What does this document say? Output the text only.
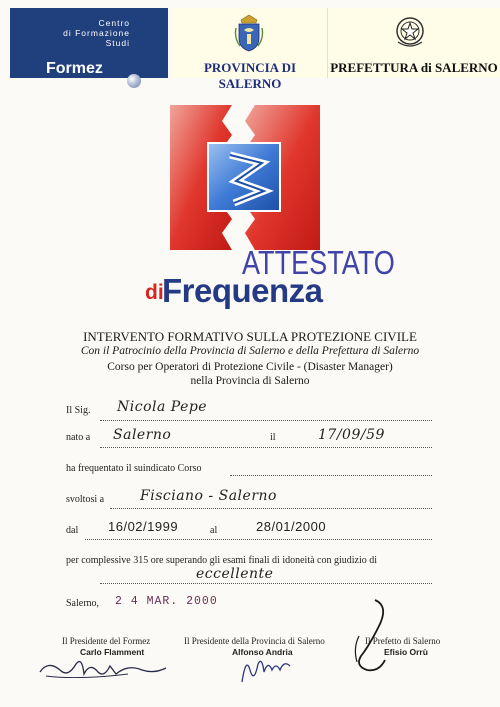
Centro
di Formazione
Studi
Formez	PROVINCIA DI SALERNO
PREFETTURA di SALERNO
ATTESTATO
di
Frequenza
INTERVENTO FORMATIVO SULLA PROTEZIONE CIVILE
Con il Patrocinio della Provincia di Salerno e della Prefettura di Salerno
Corso per Operatori di Protezione Civile - (Disaster Manager)
nella Provincia di Salerno
Il Sig. Nicola Pepe
nato a Salerno	il	17/09/59
ha frequentato il suindicato Corso
svoltosi a	Fisciano - Salerno
dal 16/02/1999	al	28/01/2000
per complessive 315 ore superando gli esami finali di idoneità con giudizio di
eccellente
Salerno, 2 4 MAR. 2000
Il Presidente del Formez
Carlo Flamment
Il Presidente della Provincia di Salerno
Alfonso Andria
Il Prefetto di Salerno
Efisio Orrù
